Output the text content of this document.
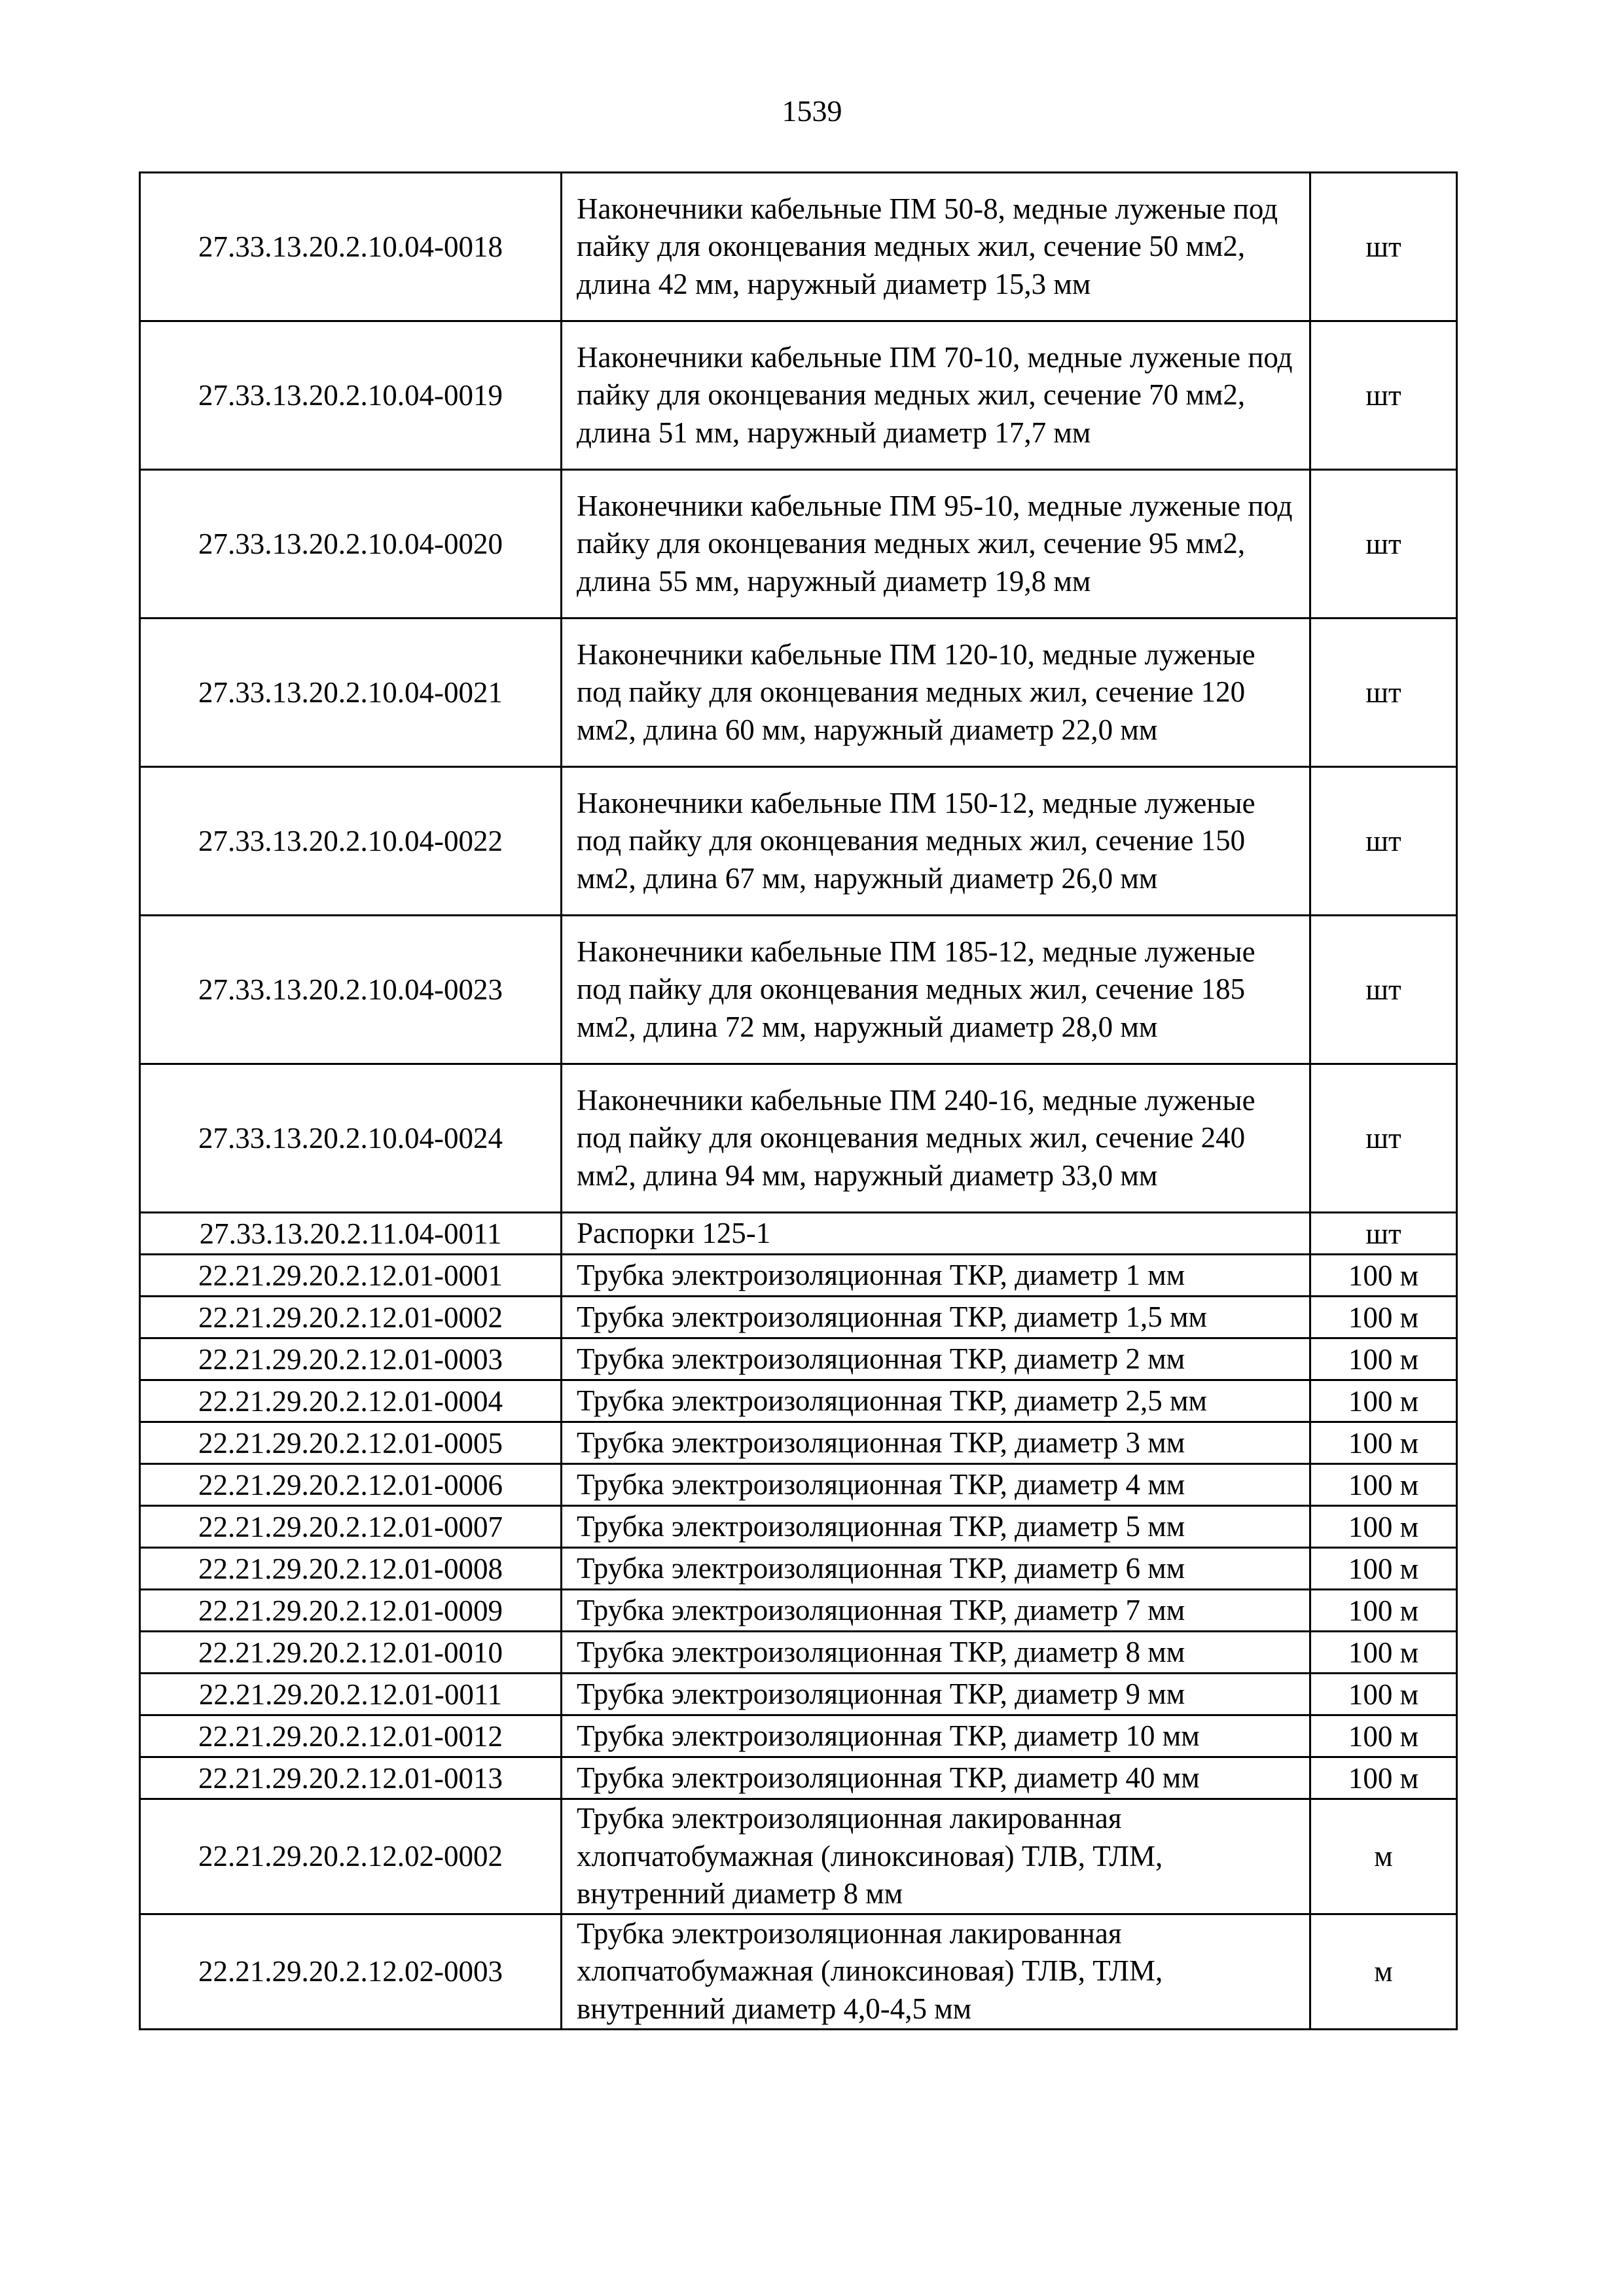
1539
27.33.13.20.2.10.04-0018	Наконечники кабельные ПМ 50-8, медные луженые под пайку для оконцевания медных жил, сечение 50 мм2, длина 42 мм, наружный диаметр 15,3 мм	шт
27.33.13.20.2.10.04-0019	Наконечники кабельные ПМ 70-10, медные луженые под пайку для оконцевания медных жил, сечение 70 мм2, длина 51 мм, наружный диаметр 17,7 мм	шт
27.33.13.20.2.10.04-0020	Наконечники кабельные ПМ 95-10, медные луженые под пайку для оконцевания медных жил, сечение 95 мм2, длина 55 мм, наружный диаметр 19,8 мм	шт
27.33.13.20.2.10.04-0021	Наконечники кабельные ПМ 120-10, медные луженые под пайку для оконцевания медных жил, сечение 120 мм2, длина 60 мм, наружный диаметр 22,0 мм	шт
27.33.13.20.2.10.04-0022	Наконечники кабельные ПМ 150-12, медные луженые под пайку для оконцевания медных жил, сечение 150 мм2, длина 67 мм, наружный диаметр 26,0 мм	шт
27.33.13.20.2.10.04-0023	Наконечники кабельные ПМ 185-12, медные луженые под пайку для оконцевания медных жил, сечение 185 мм2, длина 72 мм, наружный диаметр 28,0 мм	шт
27.33.13.20.2.10.04-0024	Наконечники кабельные ПМ 240-16, медные луженые под пайку для оконцевания медных жил, сечение 240 мм2, длина 94 мм, наружный диаметр 33,0 мм	шт
27.33.13.20.2.11.04-0011	Распорки 125-1	шт
22.21.29.20.2.12.01-0001	Трубка электроизоляционная ТКР, диаметр 1 мм	100 м
22.21.29.20.2.12.01-0002	Трубка электроизоляционная ТКР, диаметр 1,5 мм	100 м
22.21.29.20.2.12.01-0003	Трубка электроизоляционная ТКР, диаметр 2 мм	100 м
22.21.29.20.2.12.01-0004	Трубка электроизоляционная ТКР, диаметр 2,5 мм	100 м
22.21.29.20.2.12.01-0005	Трубка электроизоляционная ТКР, диаметр 3 мм	100 м
22.21.29.20.2.12.01-0006	Трубка электроизоляционная ТКР, диаметр 4 мм	100 м
22.21.29.20.2.12.01-0007	Трубка электроизоляционная ТКР, диаметр 5 мм	100 м
22.21.29.20.2.12.01-0008	Трубка электроизоляционная ТКР, диаметр 6 мм	100 м
22.21.29.20.2.12.01-0009	Трубка электроизоляционная ТКР, диаметр 7 мм	100 м
22.21.29.20.2.12.01-0010	Трубка электроизоляционная ТКР, диаметр 8 мм	100 м
22.21.29.20.2.12.01-0011	Трубка электроизоляционная ТКР, диаметр 9 мм	100 м
22.21.29.20.2.12.01-0012	Трубка электроизоляционная ТКР, диаметр 10 мм	100 м
22.21.29.20.2.12.01-0013	Трубка электроизоляционная ТКР, диаметр 40 мм	100 м
22.21.29.20.2.12.02-0002	Трубка электроизоляционная лакированная хлопчатобумажная (линоксиновая) ТЛВ, ТЛМ, внутренний диаметр 8 мм	м
22.21.29.20.2.12.02-0003	Трубка электроизоляционная лакированная хлопчатобумажная (линоксиновая) ТЛВ, ТЛМ, внутренний диаметр 4,0-4,5 мм	м
